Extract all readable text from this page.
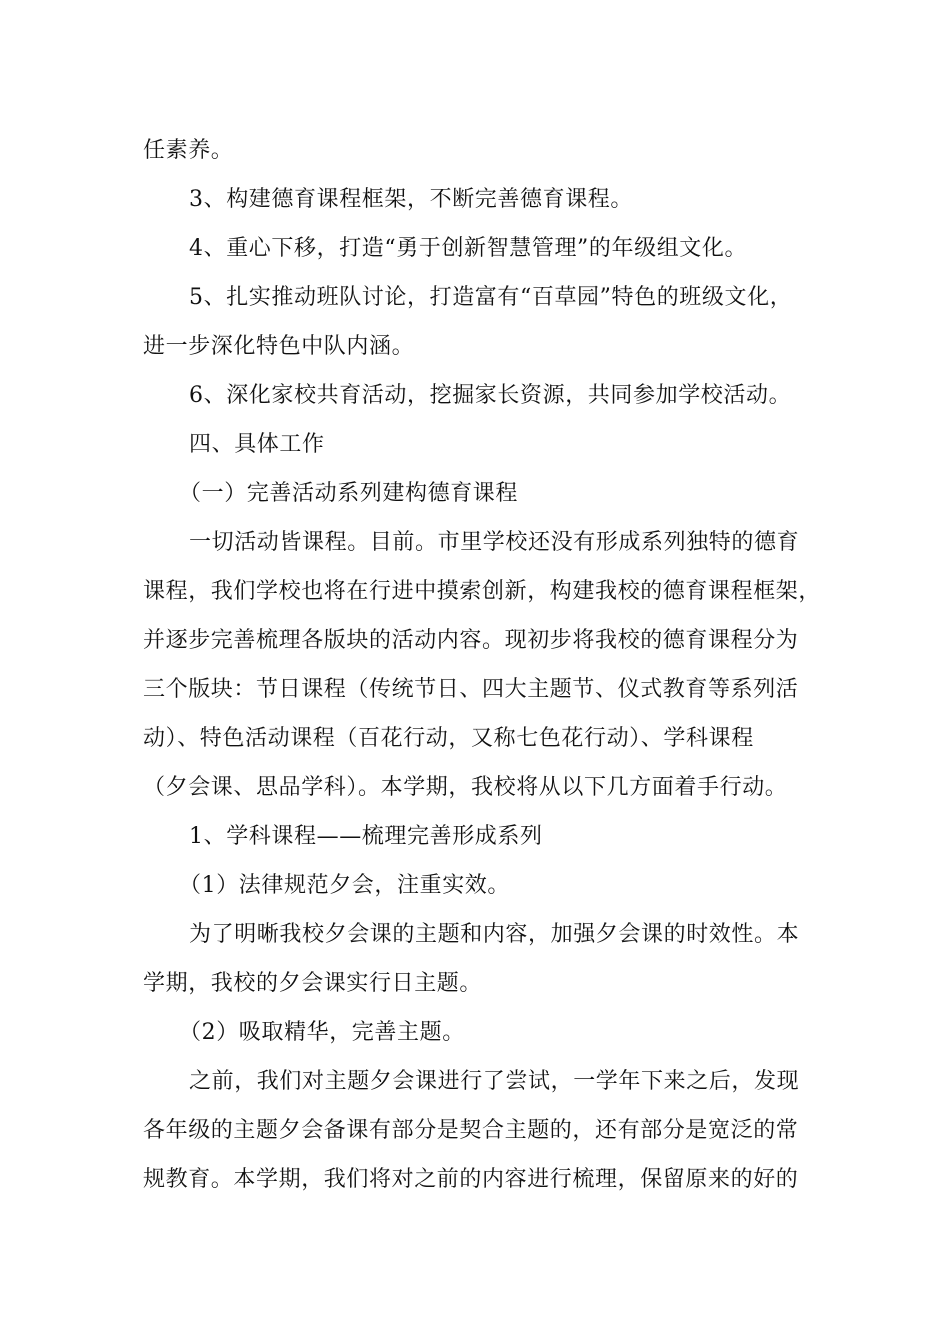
任素养。
3、构建德育课程框架，不断完善德育课程。
4、重心下移，打造“勇于创新智慧管理”的年级组文化。
5、扎实推动班队讨论，打造富有“百草园”特色的班级文化，
进一步深化特色中队内涵。
6、深化家校共育活动，挖掘家长资源，共同参加学校活动。
四、具体工作
（一）完善活动系列建构德育课程
一切活动皆课程。目前。市里学校还没有形成系列独特的德育
课程，我们学校也将在行进中摸索创新，构建我校的德育课程框架，
并逐步完善梳理各版块的活动内容。现初步将我校的德育课程分为
三个版块：节日课程（传统节日、四大主题节、仪式教育等系列活
动）、特色活动课程（百花行动，又称七色花行动）、学科课程
（夕会课、思品学科）。本学期，我校将从以下几方面着手行动。
1、学科课程——梳理完善形成系列
（1）法律规范夕会，注重实效。
为了明晰我校夕会课的主题和内容，加强夕会课的时效性。本
学期，我校的夕会课实行日主题。
（2）吸取精华，完善主题。
之前，我们对主题夕会课进行了尝试，一学年下来之后，发现
各年级的主题夕会备课有部分是契合主题的，还有部分是宽泛的常
规教育。本学期，我们将对之前的内容进行梳理，保留原来的好的
